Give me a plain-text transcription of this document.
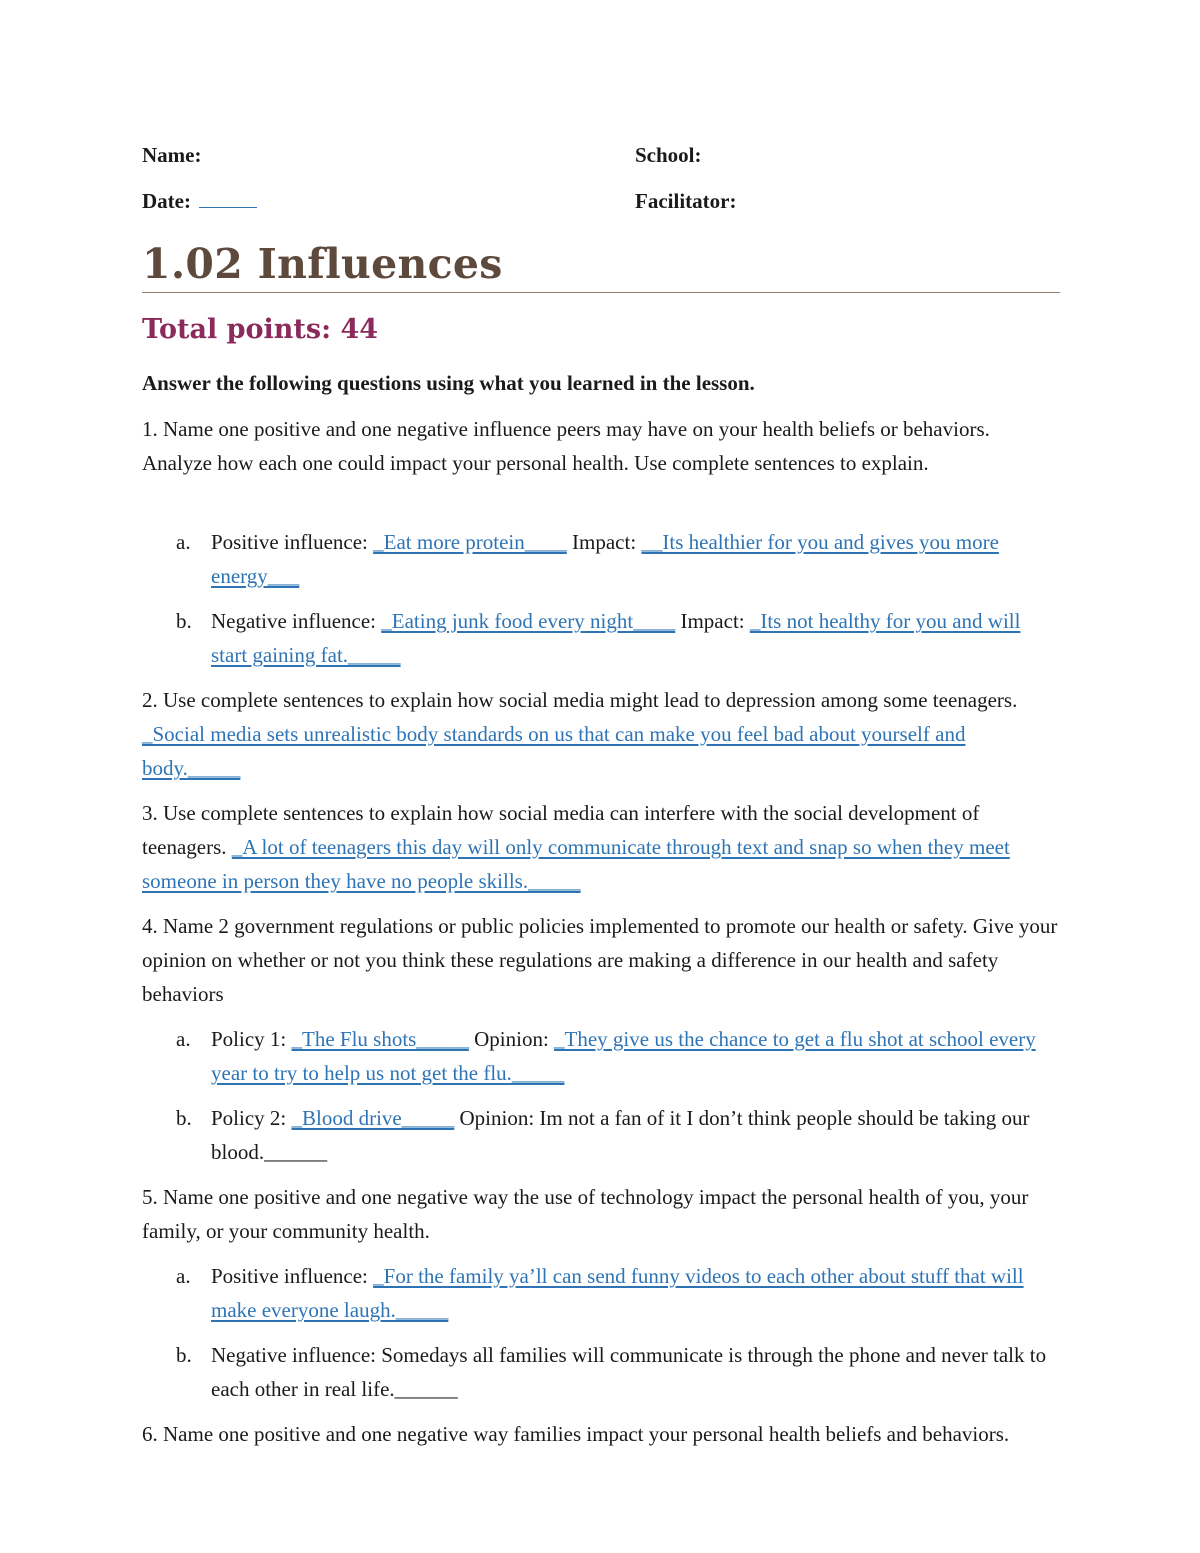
Name:	School:
Date:	Facilitator:
1.02 Influences
Total points: 44
Answer the following questions using what you learned in the lesson.
1. Name one positive and one negative influence peers may have on your health beliefs or behaviors. Analyze how each one could impact your personal health. Use complete sentences to explain.
a. Positive influence: _Eat more protein____ Impact: __Its healthier for you and gives you more energy___
b. Negative influence: _Eating junk food every night____ Impact: _Its not healthy for you and will start gaining fat._____
2. Use complete sentences to explain how social media might lead to depression among some teenagers. _Social media sets unrealistic body standards on us that can make you feel bad about yourself and body._____
3. Use complete sentences to explain how social media can interfere with the social development of teenagers. _A lot of teenagers this day will only communicate through text and snap so when they meet someone in person they have no people skills._____
4. Name 2 government regulations or public policies implemented to promote our health or safety. Give your opinion on whether or not you think these regulations are making a difference in our health and safety behaviors
a. Policy 1: _The Flu shots_____ Opinion: _They give us the chance to get a flu shot at school every year to try to help us not get the flu._____
b. Policy 2: _Blood drive_____ Opinion: Im not a fan of it I don’t think people should be taking our blood.______
5. Name one positive and one negative way the use of technology impact the personal health of you, your family, or your community health.
a. Positive influence: _For the family ya’ll can send funny videos to each other about stuff that will make everyone laugh._____
b. Negative influence: Somedays all families will communicate is through the phone and never talk to each other in real life.______
6. Name one positive and one negative way families impact your personal health beliefs and behaviors.
